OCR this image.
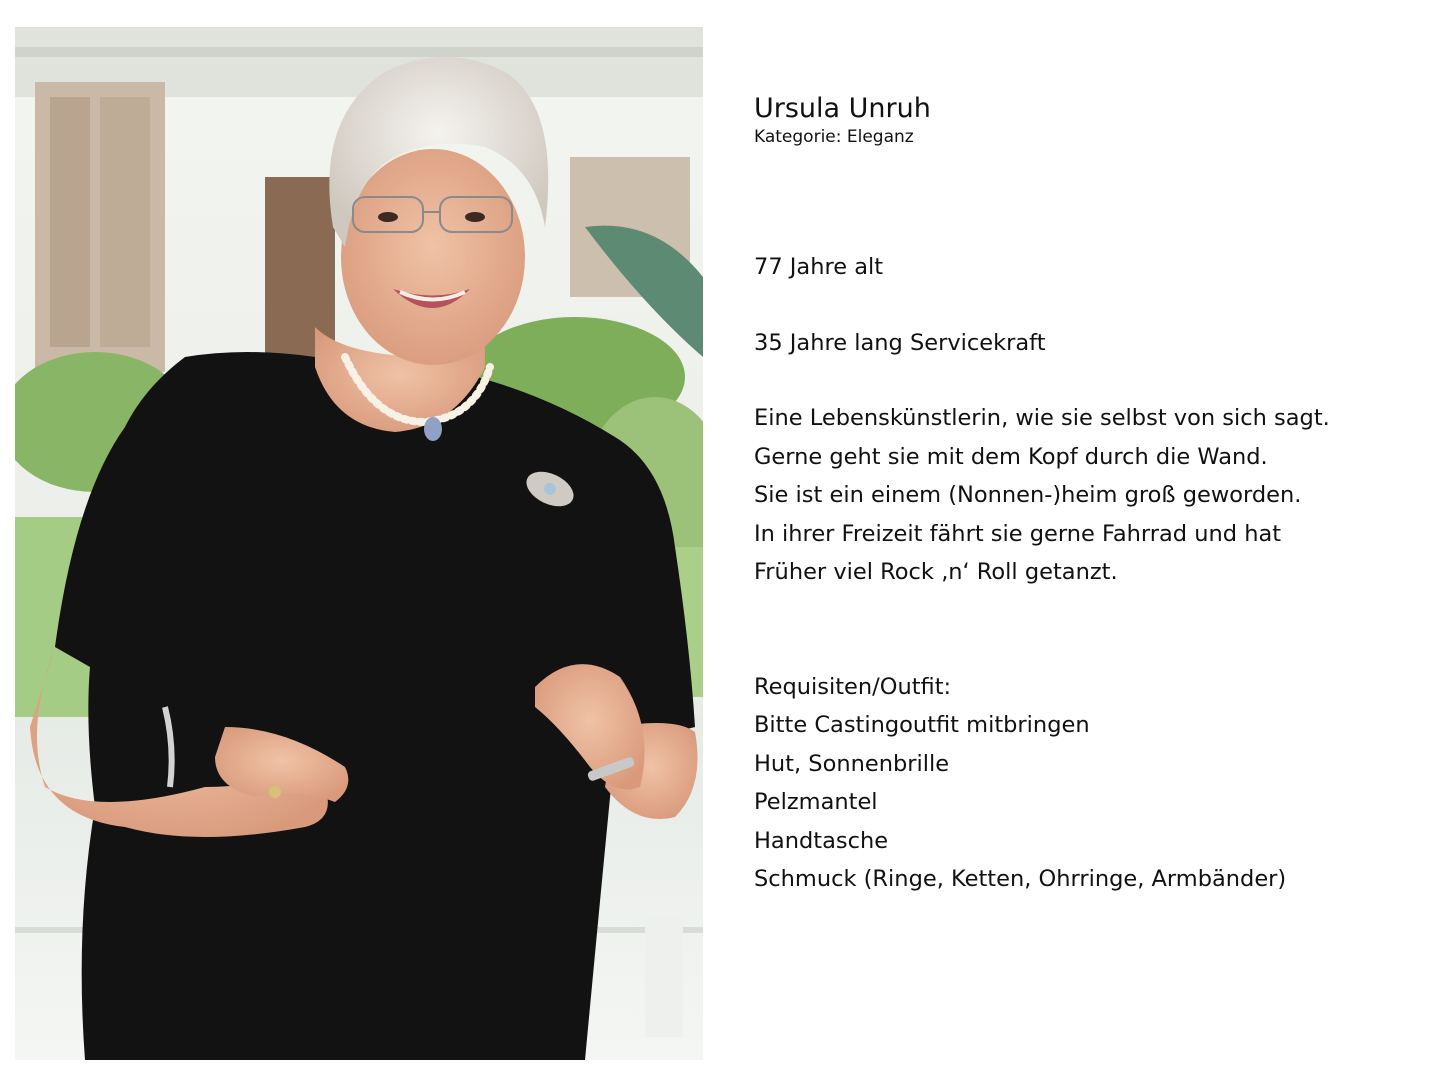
Ursula Unruh

Kategorie: Eleganz

77 Jahre alt

35 Jahre lang Servicekraft

Eine Lebenskünstlerin, wie sie selbst von sich sagt.

Gerne geht sie mit dem Kopf durch die Wand.

Sie ist ein einem (Nonnen-)heim groß geworden.

In ihrer Freizeit fährt sie gerne Fahrrad und hat

Früher viel Rock ‚n‘ Roll getanzt.

Requisiten/Outfit:

Bitte Castingoutfit mitbringen

Hut, Sonnenbrille

Pelzmantel

Handtasche

Schmuck (Ringe, Ketten, Ohrringe, Armbänder)
